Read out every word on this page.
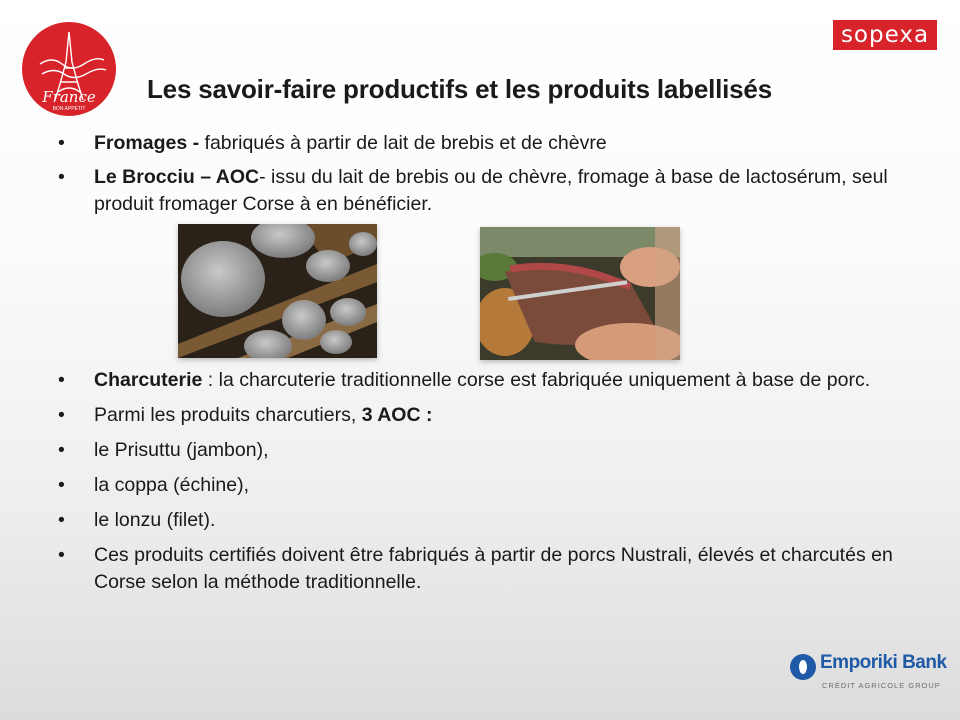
France
BON APPÉTIT
sopexa
Les savoir-faire productifs et les produits labellisés
• Fromages - fabriqués à partir de lait de brebis et de chèvre
• Le Brocciu – AOC- issu du lait de brebis ou de chèvre, fromage à base de lactosérum, seul produit fromager Corse à en bénéficier.
• Charcuterie : la charcuterie traditionnelle corse est fabriquée uniquement à base de porc.
• Parmi les produits charcutiers, 3 AOC :
• le Prisuttu (jambon),
• la coppa (échine),
• le lonzu (filet).
• Ces produits certifiés doivent être fabriqués à partir de porcs Nustrali, élevés et charcutés en Corse selon la méthode traditionnelle.
Emporiki Bank
CRÉDIT AGRICOLE GROUP
